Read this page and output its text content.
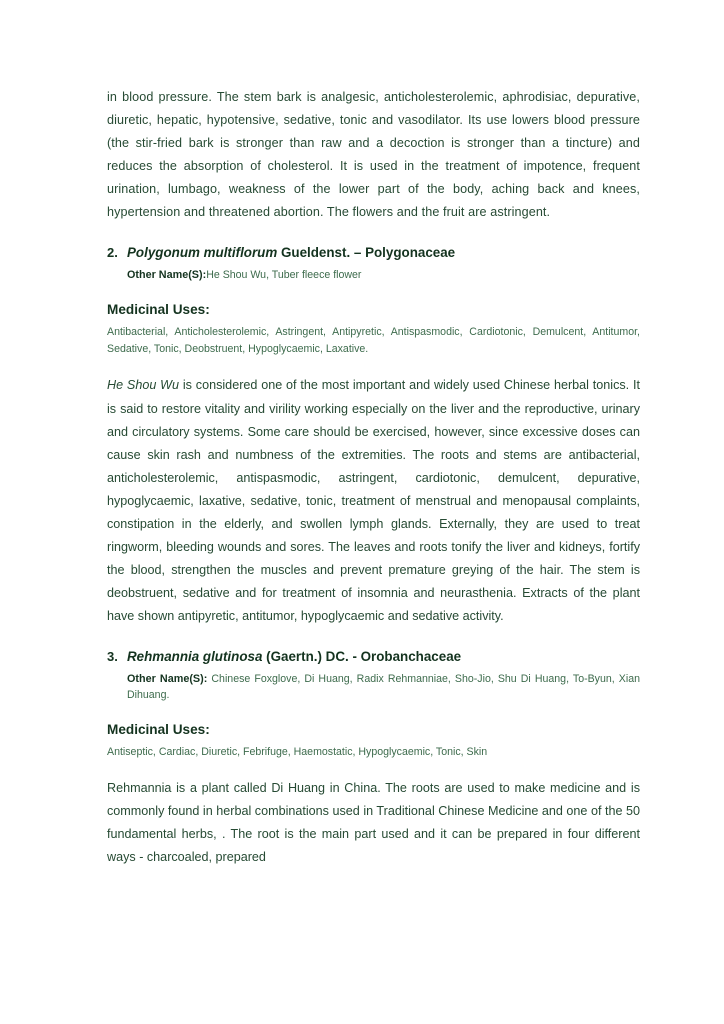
in blood pressure. The stem bark is analgesic, anticholesterolemic, aphrodisiac, depurative, diuretic, hepatic, hypotensive, sedative, tonic and vasodilator. Its use lowers blood pressure (the stir-fried bark is stronger than raw and a decoction is stronger than a tincture) and reduces the absorption of cholesterol. It is used in the treatment of impotence, frequent urination, lumbago, weakness of the lower part of the body, aching back and knees, hypertension and threatened abortion. The flowers and the fruit are astringent.

2. Polygonum multiflorum Gueldenst. – Polygonaceae
Other Name(S):He Shou Wu, Tuber fleece flower
Medicinal Uses:
Antibacterial, Anticholesterolemic, Astringent, Antipyretic, Antispasmodic, Cardiotonic, Demulcent, Antitumor, Sedative, Tonic, Deobstruent, Hypoglycaemic, Laxative.

He Shou Wu is considered one of the most important and widely used Chinese herbal tonics. It is said to restore vitality and virility working especially on the liver and the reproductive, urinary and circulatory systems. Some care should be exercised, however, since excessive doses can cause skin rash and numbness of the extremities. The roots and stems are antibacterial, anticholesterolemic, antispasmodic, astringent, cardiotonic, demulcent, depurative, hypoglycaemic, laxative, sedative, tonic, treatment of menstrual and menopausal complaints, constipation in the elderly, and swollen lymph glands. Externally, they are used to treat ringworm, bleeding wounds and sores. The leaves and roots tonify the liver and kidneys, fortify the blood, strengthen the muscles and prevent premature greying of the hair. The stem is deobstruent, sedative and for treatment of insomnia and neurasthenia. Extracts of the plant have shown antipyretic, antitumor, hypoglycaemic and sedative activity.

3. Rehmannia glutinosa (Gaertn.) DC. - Orobanchaceae
Other Name(S): Chinese Foxglove, Di Huang, Radix Rehmanniae, Sho-Jio, Shu Di Huang, To-Byun, Xian Dihuang.
Medicinal Uses:
Antiseptic, Cardiac, Diuretic, Febrifuge, Haemostatic, Hypoglycaemic, Tonic, Skin

Rehmannia is a plant called Di Huang in China. The roots are used to make medicine and is commonly found in herbal combinations used in Traditional Chinese Medicine and one of the 50 fundamental herbs, . The root is the main part used and it can be prepared in four different ways - charcoaled, prepared
